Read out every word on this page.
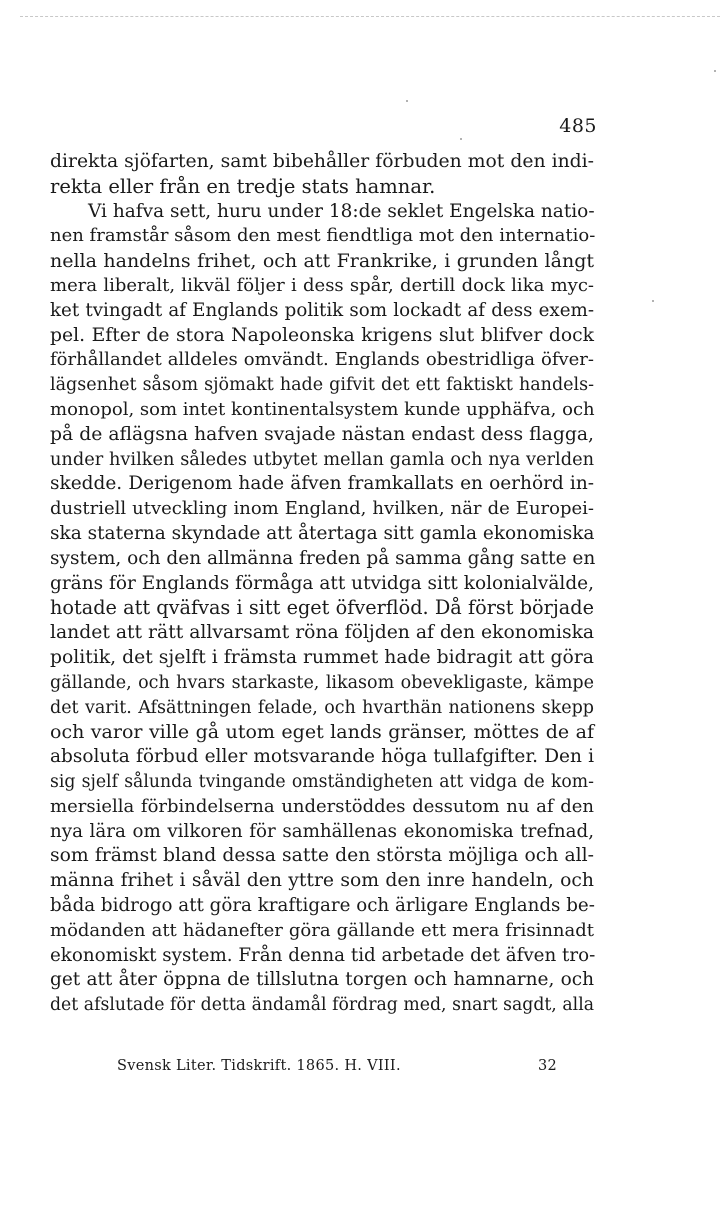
485
direkta sjöfarten, samt bibehåller förbuden mot den indi-
rekta eller från en tredje stats hamnar.
Vi hafva sett, huru under 18:de seklet Engelska natio-
nen framstår såsom den mest fiendtliga mot den internatio-
nella handelns frihet, och att Frankrike, i grunden långt
mera liberalt, likväl följer i dess spår, dertill dock lika myc-
ket tvingadt af Englands politik som lockadt af dess exem-
pel. Efter de stora Napoleonska krigens slut blifver dock
förhållandet alldeles omvändt. Englands obestridliga öfver-
lägsenhet såsom sjömakt hade gifvit det ett faktiskt handels-
monopol, som intet kontinentalsystem kunde upphäfva, och
på de aflägsna hafven svajade nästan endast dess flagga,
under hvilken således utbytet mellan gamla och nya verlden
skedde. Derigenom hade äfven framkallats en oerhörd in-
dustriell utveckling inom England, hvilken, när de Europei-
ska staterna skyndade att återtaga sitt gamla ekonomiska
system, och den allmänna freden på samma gång satte en
gräns för Englands förmåga att utvidga sitt kolonialvälde,
hotade att qväfvas i sitt eget öfverflöd. Då först började
landet att rätt allvarsamt röna följden af den ekonomiska
politik, det sjelft i främsta rummet hade bidragit att göra
gällande, och hvars starkaste, likasom obevekligaste, kämpe
det varit. Afsättningen felade, och hvarthän nationens skepp
och varor ville gå utom eget lands gränser, möttes de af
absoluta förbud eller motsvarande höga tullafgifter. Den i
sig sjelf sålunda tvingande omständigheten att vidga de kom-
mersiella förbindelserna understöddes dessutom nu af den
nya lära om vilkoren för samhällenas ekonomiska trefnad,
som främst bland dessa satte den största möjliga och all-
männa frihet i såväl den yttre som den inre handeln, och
båda bidrogo att göra kraftigare och ärligare Englands be-
mödanden att hädanefter göra gällande ett mera frisinnadt
ekonomiskt system. Från denna tid arbetade det äfven tro-
get att åter öppna de tillslutna torgen och hamnarne, och
det afslutade för detta ändamål fördrag med, snart sagdt, alla
Svensk Liter. Tidskrift. 1865. H. VIII.	32
